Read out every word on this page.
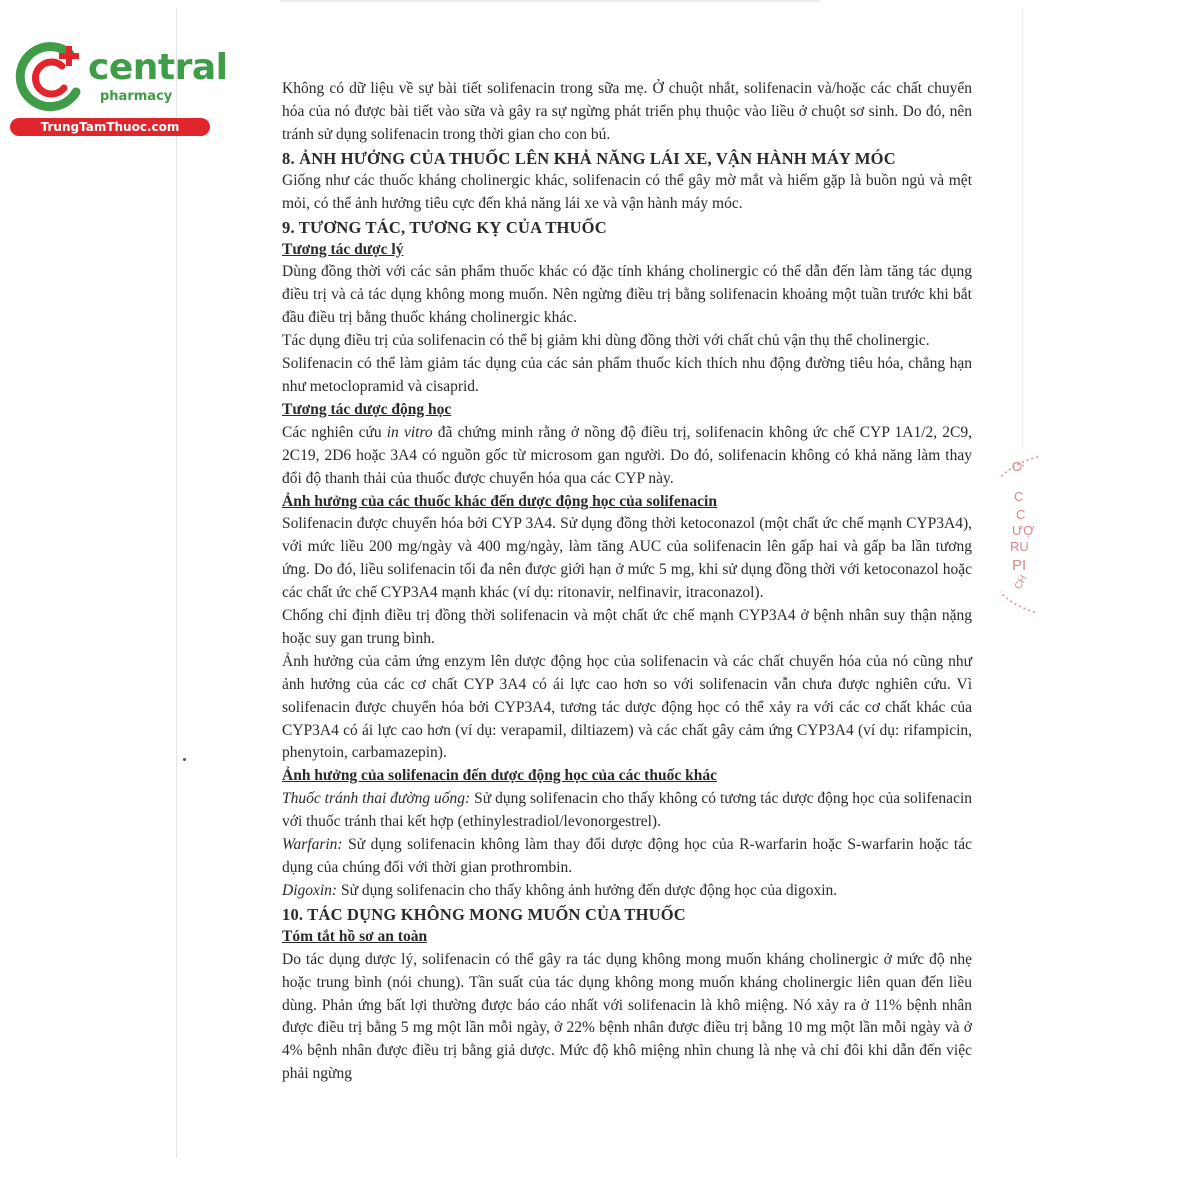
central
pharmacy
TrungTamThuoc.com
Ó
C
C
ƯỢ
RU
PI
CH

Không có dữ liệu về sự bài tiết solifenacin trong sữa mẹ. Ở chuột nhắt, solifenacin và/hoặc các chất chuyển hóa của nó được bài tiết vào sữa và gây ra sự ngừng phát triển phụ thuộc vào liều ở chuột sơ sinh. Do đó, nên tránh sử dụng solifenacin trong thời gian cho con bú.

8. ẢNH HƯỞNG CỦA THUỐC LÊN KHẢ NĂNG LÁI XE, VẬN HÀNH MÁY MÓC

Giống như các thuốc kháng cholinergic khác, solifenacin có thể gây mờ mắt và hiếm gặp là buồn ngủ và mệt mỏi, có thể ảnh hưởng tiêu cực đến khả năng lái xe và vận hành máy móc.

9. TƯƠNG TÁC, TƯƠNG KỴ CỦA THUỐC
Tương tác dược lý

Dùng đồng thời với các sản phẩm thuốc khác có đặc tính kháng cholinergic có thể dẫn đến làm tăng tác dụng điều trị và cả tác dụng không mong muốn. Nên ngừng điều trị bằng solifenacin khoảng một tuần trước khi bắt đầu điều trị bằng thuốc kháng cholinergic khác.

Tác dụng điều trị của solifenacin có thể bị giảm khi dùng đồng thời với chất chủ vận thụ thể cholinergic.

Solifenacin có thể làm giảm tác dụng của các sản phẩm thuốc kích thích nhu động đường tiêu hóa, chẳng hạn như metoclopramid và cisaprid.

Tương tác dược động học

Các nghiên cứu in vitro đã chứng minh rằng ở nồng độ điều trị, solifenacin không ức chế CYP 1A1/2, 2C9, 2C19, 2D6 hoặc 3A4 có nguồn gốc từ microsom gan người. Do đó, solifenacin không có khả năng làm thay đổi độ thanh thải của thuốc được chuyển hóa qua các CYP này.

Ảnh hưởng của các thuốc khác đến dược động học của solifenacin

Solifenacin được chuyển hóa bởi CYP 3A4. Sử dụng đồng thời ketoconazol (một chất ức chế mạnh CYP3A4), với mức liều 200 mg/ngày và 400 mg/ngày, làm tăng AUC của solifenacin lên gấp hai và gấp ba lần tương ứng. Do đó, liều solifenacin tối đa nên được giới hạn ở mức 5 mg, khi sử dụng đồng thời với ketoconazol hoặc các chất ức chế CYP3A4 mạnh khác (ví dụ: ritonavir, nelfinavir, itraconazol).

Chống chỉ định điều trị đồng thời solifenacin và một chất ức chế mạnh CYP3A4 ở bệnh nhân suy thận nặng hoặc suy gan trung bình.

Ảnh hưởng của cảm ứng enzym lên dược động học của solifenacin và các chất chuyển hóa của nó cũng như ảnh hưởng của các cơ chất CYP 3A4 có ái lực cao hơn so với solifenacin vẫn chưa được nghiên cứu. Vì solifenacin được chuyển hóa bởi CYP3A4, tương tác dược động học có thể xảy ra với các cơ chất khác của CYP3A4 có ái lực cao hơn (ví dụ: verapamil, diltiazem) và các chất gây cảm ứng CYP3A4 (ví dụ: rifampicin, phenytoin, carbamazepin).

Ảnh hưởng của solifenacin đến dược động học của các thuốc khác

Thuốc tránh thai đường uống: Sử dụng solifenacin cho thấy không có tương tác dược động học của solifenacin với thuốc tránh thai kết hợp (ethinylestradiol/levonorgestrel).

Warfarin: Sử dụng solifenacin không làm thay đổi dược động học của R-warfarin hoặc S-warfarin hoặc tác dụng của chúng đối với thời gian prothrombin.

Digoxin: Sử dụng solifenacin cho thấy không ảnh hưởng đến dược động học của digoxin.

10. TÁC DỤNG KHÔNG MONG MUỐN CỦA THUỐC
Tóm tắt hồ sơ an toàn

Do tác dụng dược lý, solifenacin có thể gây ra tác dụng không mong muốn kháng cholinergic ở mức độ nhẹ hoặc trung bình (nói chung). Tần suất của tác dụng không mong muốn kháng cholinergic liên quan đến liều dùng. Phản ứng bất lợi thường được báo cáo nhất với solifenacin là khô miệng. Nó xảy ra ở 11% bệnh nhân được điều trị bằng 5 mg một lần mỗi ngày, ở 22% bệnh nhân được điều trị bằng 10 mg một lần mỗi ngày và ở 4% bệnh nhân được điều trị bằng giả dược. Mức độ khô miệng nhìn chung là nhẹ và chỉ đôi khi dẫn đến việc phải ngừng
